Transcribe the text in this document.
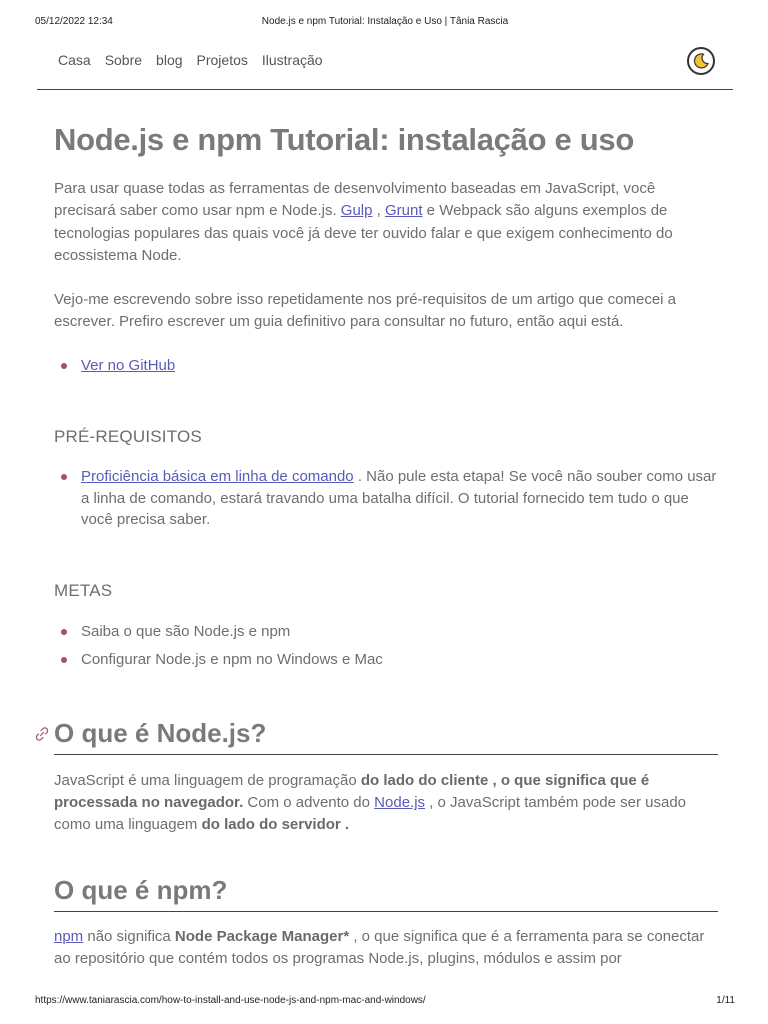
05/12/2022 12:34	Node.js e npm Tutorial: Instalação e Uso | Tânia Rascia
Casa Sobre blog Projetos Ilustração
Node.js e npm Tutorial: instalação e uso

Para usar quase todas as ferramentas de desenvolvimento baseadas em JavaScript, você precisará saber como usar npm e Node.js. Gulp , Grunt e Webpack são alguns exemplos de tecnologias populares das quais você já deve ter ouvido falar e que exigem conhecimento do ecossistema Node.

Vejo-me escrevendo sobre isso repetidamente nos pré-requisitos de um artigo que comecei a escrever. Prefiro escrever um guia definitivo para consultar no futuro, então aqui está.

Ver no GitHub
PRÉ-REQUISITOS
Proficiência básica em linha de comando . Não pule esta etapa! Se você não souber como usar a linha de comando, estará travando uma batalha difícil. O tutorial fornecido tem tudo o que você precisa saber.
METAS
Saiba o que são Node.js e npm
Configurar Node.js e npm no Windows e Mac
O que é Node.js?

JavaScript é uma linguagem de programação do lado do cliente , o que significa que é processada no navegador. Com o advento do Node.js , o JavaScript também pode ser usado como uma linguagem do lado do servidor .

O que é npm?

npm não significa Node Package Manager* , o que significa que é a ferramenta para se conectar ao repositório que contém todos os programas Node.js, plugins, módulos e assim por

https://www.taniarascia.com/how-to-install-and-use-node-js-and-npm-mac-and-windows/	1/11
